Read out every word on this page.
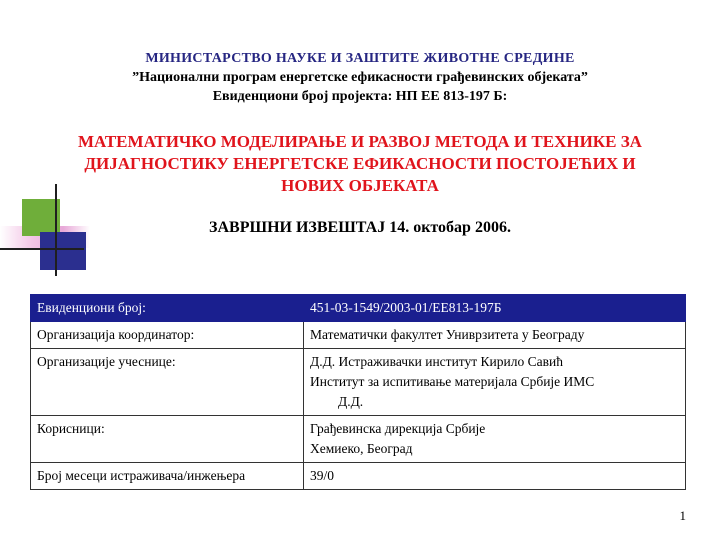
МИНИСТАРСТВО НАУКЕ И ЗАШТИТЕ ЖИВОТНЕ СРЕДИНЕ

”Национални програм енергетске ефикасности грађевинских објеката”

Евиденциони број пројекта: НП ЕЕ 813-197 Б:

МАТЕМАТИЧКО МОДЕЛИРАЊЕ И РАЗВОЈ МЕТОДА И ТЕХНИКЕ ЗА
ДИЈАГНОСТИКУ ЕНЕРГЕТСКЕ ЕФИКАСНОСТИ ПОСТОЈЕЋИХ И
НОВИХ ОБЈЕКАТА

ЗАВРШНИ ИЗВЕШТАЈ 14. октобар 2006.

Евиденциони број:	451-03-1549/2003-01/ЕЕ813-197Б
Организација координатор:	Математички факултет Униврзитета у Београду
Организације учеснице:	Д.Д. Истраживачки институт Кирило Савић
Институт за испитивање материјала Србије ИМС
Д.Д.

Корисници:	Грађевинска дирекција Србије
Хемиеко, Београд

Број месеци истраживача/инжењера	39/0
1
